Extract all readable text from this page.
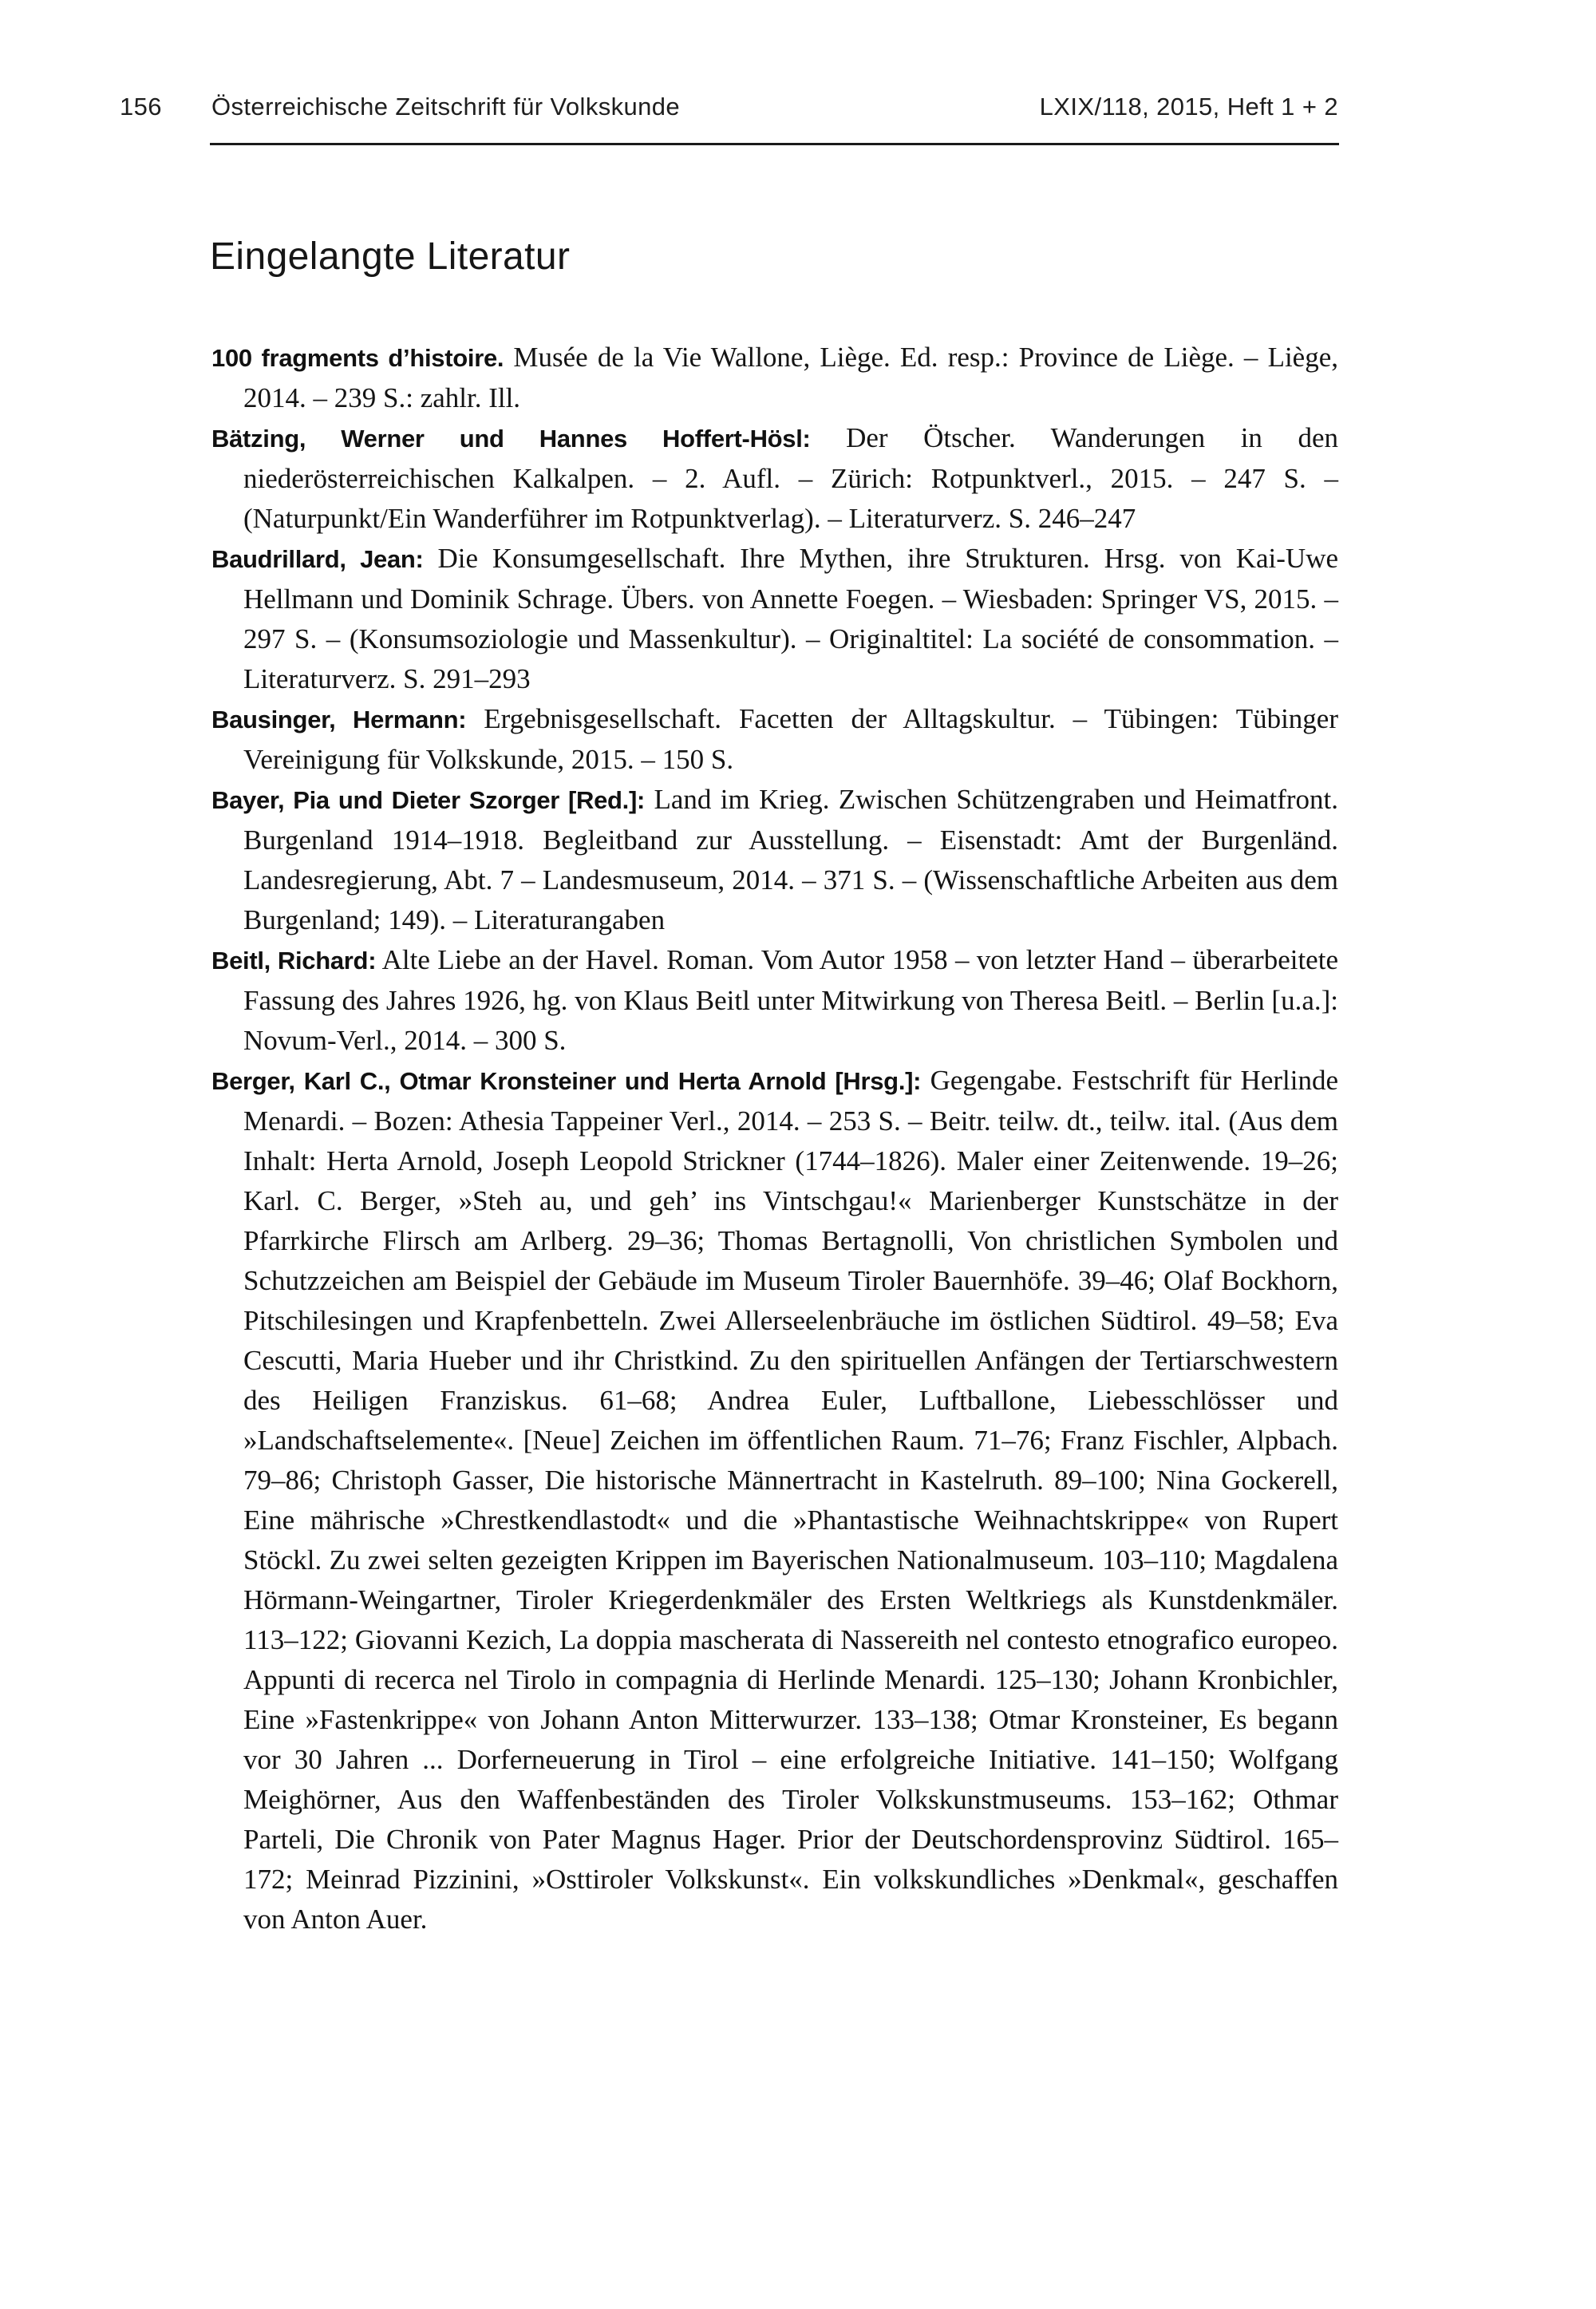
156 Österreichische Zeitschrift für Volkskunde	LXIX/118, 2015, Heft 1 + 2
Eingelangte Literatur

100 fragments d’histoire. Musée de la Vie Wallone, Liège. Ed. resp.: Province de Liège. – Liège, 2014. – 239 S.: zahlr. Ill.

Bätzing, Werner und Hannes Hoffert-Hösl: Der Ötscher. Wanderungen in den niederösterreichischen Kalkalpen. – 2. Aufl. – Zürich: Rotpunktverl., 2015. – 247 S. – (Naturpunkt/Ein Wanderführer im Rotpunktverlag). – Literaturverz. S. 246–247

Baudrillard, Jean: Die Konsumgesellschaft. Ihre Mythen, ihre Strukturen. Hrsg. von Kai-Uwe Hellmann und Dominik Schrage. Übers. von Annette Foegen. – Wiesbaden: Springer VS, 2015. – 297 S. – (Konsumsoziologie und Massenkultur). – Originaltitel: La société de consommation. – Literaturverz. S. 291–293

Bausinger, Hermann: Ergebnisgesellschaft. Facetten der Alltagskultur. – Tübingen: Tübinger Vereinigung für Volkskunde, 2015. – 150 S.

Bayer, Pia und Dieter Szorger [Red.]: Land im Krieg. Zwischen Schützengraben und Heimatfront. Burgenland 1914–1918. Begleitband zur Ausstellung. – Eisenstadt: Amt der Burgenländ. Landesregierung, Abt. 7 – Landesmuseum, 2014. – 371 S. – (Wissenschaftliche Arbeiten aus dem Burgenland; 149). – Literaturangaben

Beitl, Richard: Alte Liebe an der Havel. Roman. Vom Autor 1958 – von letzter Hand – überarbeitete Fassung des Jahres 1926, hg. von Klaus Beitl unter Mitwirkung von Theresa Beitl. – Berlin [u.a.]: Novum-Verl., 2014. – 300 S.

Berger, Karl C., Otmar Kronsteiner und Herta Arnold [Hrsg.]: Gegengabe. Festschrift für Herlinde Menardi. – Bozen: Athesia Tappeiner Verl., 2014. – 253 S. – Beitr. teilw. dt., teilw. ital. (Aus dem Inhalt: Herta Arnold, Joseph Leopold Strickner (1744–1826). Maler einer Zeitenwende. 19–26; Karl. C. Berger, »Steh au, und geh’ ins Vintschgau!« Marienberger Kunstschätze in der Pfarrkirche Flirsch am Arlberg. 29–36; Thomas Bertagnolli, Von christlichen Symbolen und Schutzzeichen am Beispiel der Gebäude im Museum Tiroler Bauernhöfe. 39–46; Olaf Bockhorn, Pitschilesingen und Krapfenbetteln. Zwei Allerseelenbräuche im östlichen Südtirol. 49–58; Eva Cescutti, Maria Hueber und ihr Christkind. Zu den spirituellen Anfängen der Tertiarschwestern des Heiligen Franziskus. 61–68; Andrea Euler, Luftballone, Liebesschlösser und »Landschaftselemente«. [Neue] Zeichen im öffentlichen Raum. 71–76; Franz Fischler, Alpbach. 79–86; Christoph Gasser, Die historische Männertracht in Kastelruth. 89–100; Nina Gockerell, Eine mährische »Chrestkendlastodt« und die »Phantastische Weihnachtskrippe« von Rupert Stöckl. Zu zwei selten gezeigten Krippen im Bayerischen Nationalmuseum. 103–110; Magdalena Hörmann-Weingartner, Tiroler Kriegerdenkmäler des Ersten Weltkriegs als Kunstdenkmäler. 113–122; Giovanni Kezich, La doppia mascherata di Nassereith nel contesto etnografico europeo. Appunti di recerca nel Tirolo in compagnia di Herlinde Menardi. 125–130; Johann Kronbichler, Eine »Fastenkrippe« von Johann Anton Mitterwurzer. 133–138; Otmar Kronsteiner, Es begann vor 30 Jahren ... Dorferneuerung in Tirol – eine erfolgreiche Initiative. 141–150; Wolfgang Meighörner, Aus den Waffenbeständen des Tiroler Volkskunstmuseums. 153–162; Othmar Parteli, Die Chronik von Pater Magnus Hager. Prior der Deutschordensprovinz Südtirol. 165–172; Meinrad Pizzinini, »Osttiroler Volkskunst«. Ein volkskundliches »Denkmal«, geschaffen von Anton Auer.
